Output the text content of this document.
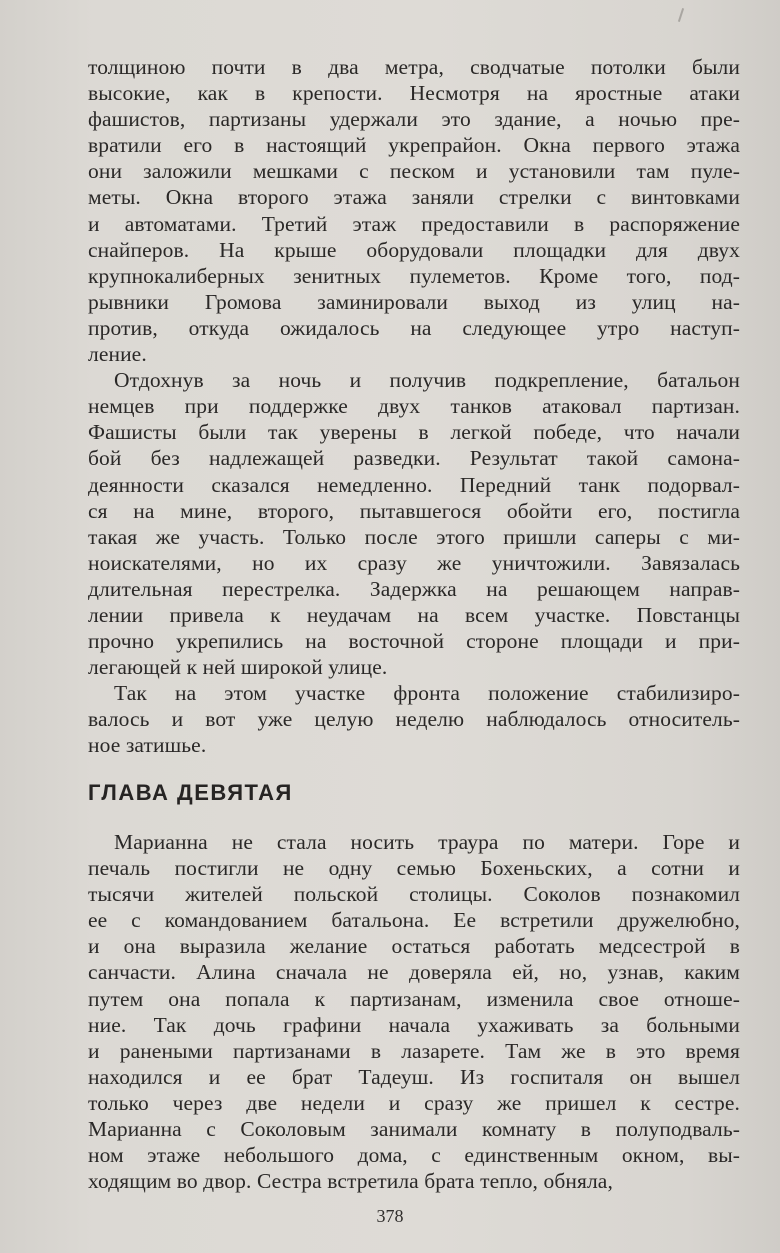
толщиною почти в два метра, сводчатые потолки были
высокие, как в крепости. Несмотря на яростные атаки
фашистов, партизаны удержали это здание, а ночью пре-
вратили его в настоящий укрепрайон. Окна первого этажа
они заложили мешками с песком и установили там пуле-
меты. Окна второго этажа заняли стрелки с винтовками
и автоматами. Третий этаж предоставили в распоряжение
снайперов. На крыше оборудовали площадки для двух
крупнокалиберных зенитных пулеметов. Кроме того, под-
рывники Громова заминировали выход из улиц на-
против, откуда ожидалось на следующее утро наступ-
ление.
Отдохнув за ночь и получив подкрепление, батальон
немцев при поддержке двух танков атаковал партизан.
Фашисты были так уверены в легкой победе, что начали
бой без надлежащей разведки. Результат такой самона-
деянности сказался немедленно. Передний танк подорвал-
ся на мине, второго, пытавшегося обойти его, постигла
такая же участь. Только после этого пришли саперы с ми-
ноискателями, но их сразу же уничтожили. Завязалась
длительная перестрелка. Задержка на решающем направ-
лении привела к неудачам на всем участке. Повстанцы
прочно укрепились на восточной стороне площади и при-
легающей к ней широкой улице.
Так на этом участке фронта положение стабилизиро-
валось и вот уже целую неделю наблюдалось относитель-
ное затишье.
ГЛАВА ДЕВЯТАЯ
Марианна не стала носить траура по матери. Горе и
печаль постигли не одну семью Бохеньских, а сотни и
тысячи жителей польской столицы. Соколов познакомил
ее с командованием батальона. Ее встретили дружелюбно,
и она выразила желание остаться работать медсестрой в
санчасти. Алина сначала не доверяла ей, но, узнав, каким
путем она попала к партизанам, изменила свое отноше-
ние. Так дочь графини начала ухаживать за больными
и ранеными партизанами в лазарете. Там же в это время
находился и ее брат Тадеуш. Из госпиталя он вышел
только через две недели и сразу же пришел к сестре.
Марианна с Соколовым занимали комнату в полуподваль-
ном этаже небольшого дома, с единственным окном, вы-
ходящим во двор. Сестра встретила брата тепло, обняла,
378
